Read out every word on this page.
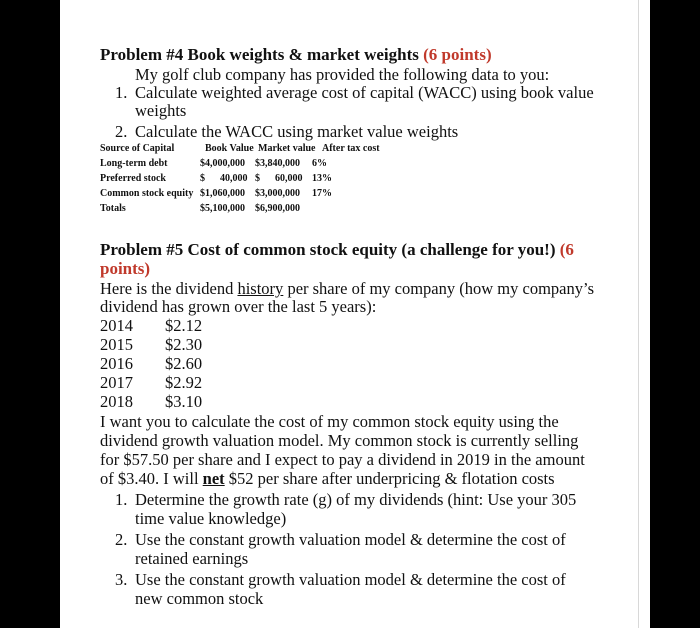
Problem #4 Book weights & market weights (6 points)
My golf club company has provided the following data to you:
1. Calculate weighted average cost of capital (WACC) using book value
weights
2. Calculate the WACC using market value weights
Source of Capital	Book Value Market value After tax cost
Long-term debt	$4,000,000 $3,840,000 6%
Preferred stock	$      40,000 $      60,000 13%
Common stock equity $1,060,000 $3,000,000 17%
Totals	$5,100,000 $6,900,000
Problem #5 Cost of common stock equity (a challenge for you!) (6
points)
Here is the dividend history per share of my company (how my company’s
dividend has grown over the last 5 years):
2014 $2.12
2015 $2.30
2016 $2.60
2017 $2.92
2018 $3.10
I want you to calculate the cost of my common stock equity using the
dividend growth valuation model. My common stock is currently selling
for $57.50 per share and I expect to pay a dividend in 2019 in the amount
of $3.40. I will net $52 per share after underpricing & flotation costs
1. Determine the growth rate (g) of my dividends (hint: Use your 305
time value knowledge)
2. Use the constant growth valuation model & determine the cost of
retained earnings
3. Use the constant growth valuation model & determine the cost of
new common stock
